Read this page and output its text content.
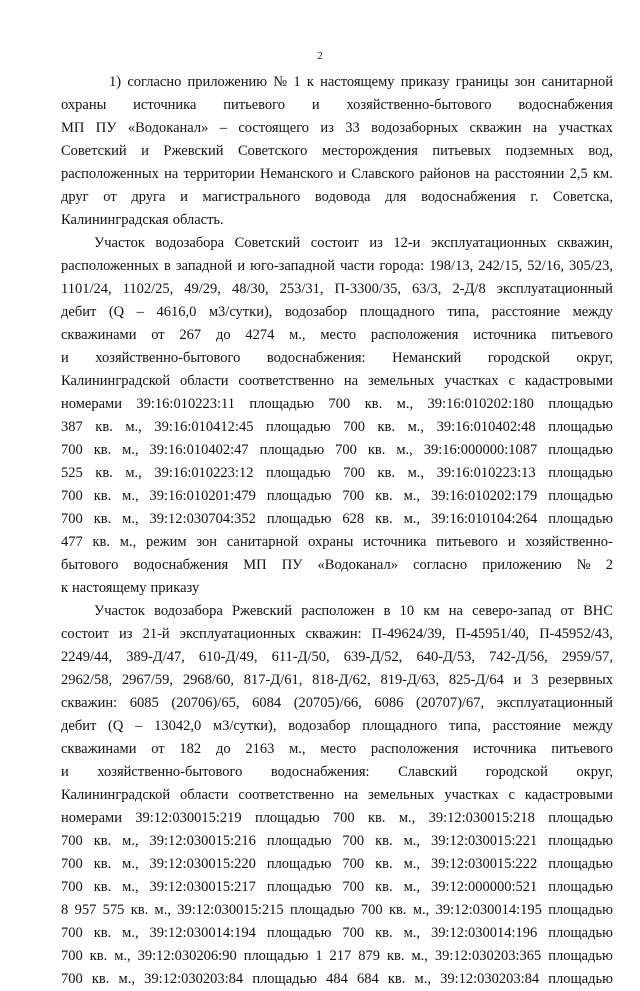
2
1) согласно приложению № 1 к настоящему приказу границы зон санитарной
охраны источника питьевого и хозяйственно-бытового водоснабжения
МП ПУ «Водоканал» – состоящего из 33 водозаборных скважин на участках
Советский и Ржевский Советского месторождения питьевых подземных вод,
расположенных на территории Неманского и Славского районов на расстоянии 2,5 км.
друг от друга и магистрального водовода для водоснабжения г. Советска,
Калининградская область.
Участок водозабора Советский состоит из 12-и эксплуатационных скважин,
расположенных в западной и юго-западной части города: 198/13, 242/15, 52/16, 305/23,
1101/24, 1102/25, 49/29, 48/30, 253/31, П-3300/35, 63/3, 2-Д/8 эксплуатационный
дебит (Q – 4616,0 м3/сутки), водозабор площадного типа, расстояние между
скважинами от 267 до 4274 м., место расположения источника питьевого
и хозяйственно-бытового водоснабжения: Неманский городской округ,
Калининградской области соответственно на земельных участках с кадастровыми
номерами 39:16:010223:11 площадью 700 кв. м., 39:16:010202:180 площадью
387 кв. м., 39:16:010412:45 площадью 700 кв. м., 39:16:010402:48 площадью
700 кв. м., 39:16:010402:47 площадью 700 кв. м., 39:16:000000:1087 площадью
525 кв. м., 39:16:010223:12 площадью 700 кв. м., 39:16:010223:13 площадью
700 кв. м., 39:16:010201:479 площадью 700 кв. м., 39:16:010202:179 площадью
700 кв. м., 39:12:030704:352 площадью 628 кв. м., 39:16:010104:264 площадью
477 кв. м., режим зон санитарной охраны источника питьевого и хозяйственно-
бытового водоснабжения МП ПУ «Водоканал» согласно приложению № 2
к настоящему приказу
Участок водозабора Ржевский расположен в 10 км на северо-запад от ВНС
состоит из 21-й эксплуатационных скважин: П-49624/39, П-45951/40, П-45952/43,
2249/44, 389-Д/47, 610-Д/49, 611-Д/50, 639-Д/52, 640-Д/53, 742-Д/56, 2959/57,
2962/58, 2967/59, 2968/60, 817-Д/61, 818-Д/62, 819-Д/63, 825-Д/64 и 3 резервных
скважин: 6085 (20706)/65, 6084 (20705)/66, 6086 (20707)/67, эксплуатационный
дебит (Q – 13042,0 м3/сутки), водозабор площадного типа, расстояние между
скважинами от 182 до 2163 м., место расположения источника питьевого
и хозяйственно-бытового водоснабжения: Славский городской округ,
Калининградской области соответственно на земельных участках с кадастровыми
номерами 39:12:030015:219 площадью 700 кв. м., 39:12:030015:218 площадью
700 кв. м., 39:12:030015:216 площадью 700 кв. м., 39:12:030015:221 площадью
700 кв. м., 39:12:030015:220 площадью 700 кв. м., 39:12:030015:222 площадью
700 кв. м., 39:12:030015:217 площадью 700 кв. м., 39:12:000000:521 площадью
8 957 575 кв. м., 39:12:030015:215 площадью 700 кв. м., 39:12:030014:195 площадью
700 кв. м., 39:12:030014:194 площадью 700 кв. м., 39:12:030014:196 площадью
700 кв. м., 39:12:030206:90 площадью 1 217 879 кв. м., 39:12:030203:365 площадью
700 кв. м., 39:12:030203:84 площадью 484 684 кв. м., 39:12:030203:84 площадью
